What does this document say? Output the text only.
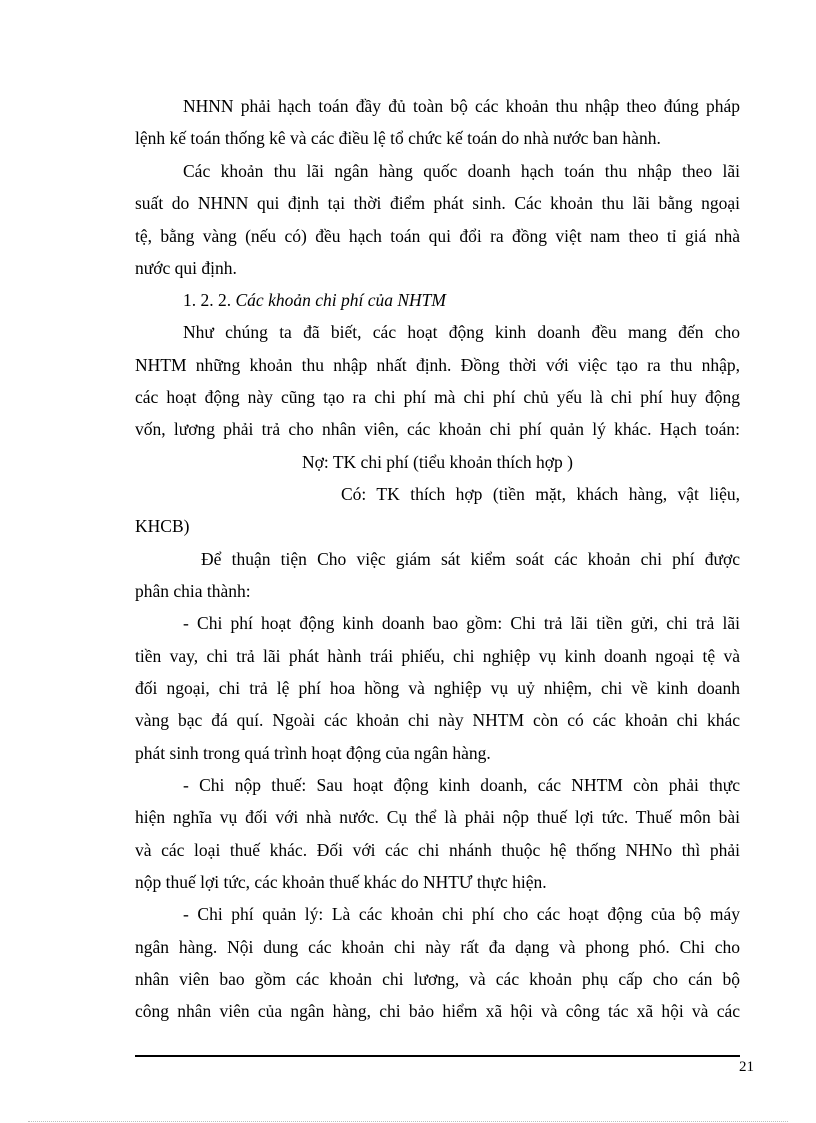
NHNN phải hạch toán đầy đủ toàn bộ các khoản thu nhập theo đúng pháp
lệnh kế toán thống kê và các điều lệ tổ chức kế toán do nhà nước ban hành.
Các khoản thu lãi ngân hàng quốc doanh hạch toán thu nhập theo lãi
suất do NHNN qui định tại thời điểm phát sinh. Các khoản thu lãi bằng ngoại
tệ, bằng vàng (nếu có) đều hạch toán qui đổi ra đồng việt nam theo tỉ giá nhà
nước qui định.
1. 2. 2. Các khoản chi phí của NHTM
Như chúng ta đã biết, các hoạt động kinh doanh đều mang đến cho
NHTM những khoản thu nhập nhất định. Đồng thời với việc tạo ra thu nhập,
các hoạt động này cũng tạo ra chi phí mà chi phí chủ yếu là chi phí huy động
vốn, lương phải trả cho nhân viên, các khoản chi phí quản lý khác. Hạch toán:
Nợ: TK chi phí (tiểu khoản thích hợp )
Có: TK thích hợp (tiền mặt, khách hàng, vật liệu,
KHCB)
Để thuận tiện Cho việc giám sát kiểm soát các khoản chi phí được
phân chia thành:
- Chi phí hoạt động kinh doanh bao gồm: Chi trả lãi tiền gửi, chi trả lãi
tiền vay, chi trả lãi phát hành trái phiếu, chi nghiệp vụ kinh doanh ngoại tệ và
đối ngoại, chi trả lệ phí hoa hồng và nghiệp vụ uỷ nhiệm, chi về kinh doanh
vàng bạc đá quí. Ngoài các khoản chi này NHTM còn có các khoản chi khác
phát sinh trong quá trình hoạt động của ngân hàng.
- Chi nộp thuế: Sau hoạt động kinh doanh, các NHTM còn phải thực
hiện nghĩa vụ đối với nhà nước. Cụ thể là phải nộp thuế lợi tức. Thuế môn bài
và các loại thuế khác. Đối với các chi nhánh thuộc hệ thống NHNo thì phải
nộp thuế lợi tức, các khoản thuế khác do NHTƯ thực hiện.
- Chi phí quản lý: Là các khoản chi phí cho các hoạt động của bộ máy
ngân hàng. Nội dung các khoản chi này rất đa dạng và phong phó. Chi cho
nhân viên bao gồm các khoản chi lương, và các khoản phụ cấp cho cán bộ
công nhân viên của ngân hàng, chi bảo hiểm xã hội và công tác xã hội và các
21
